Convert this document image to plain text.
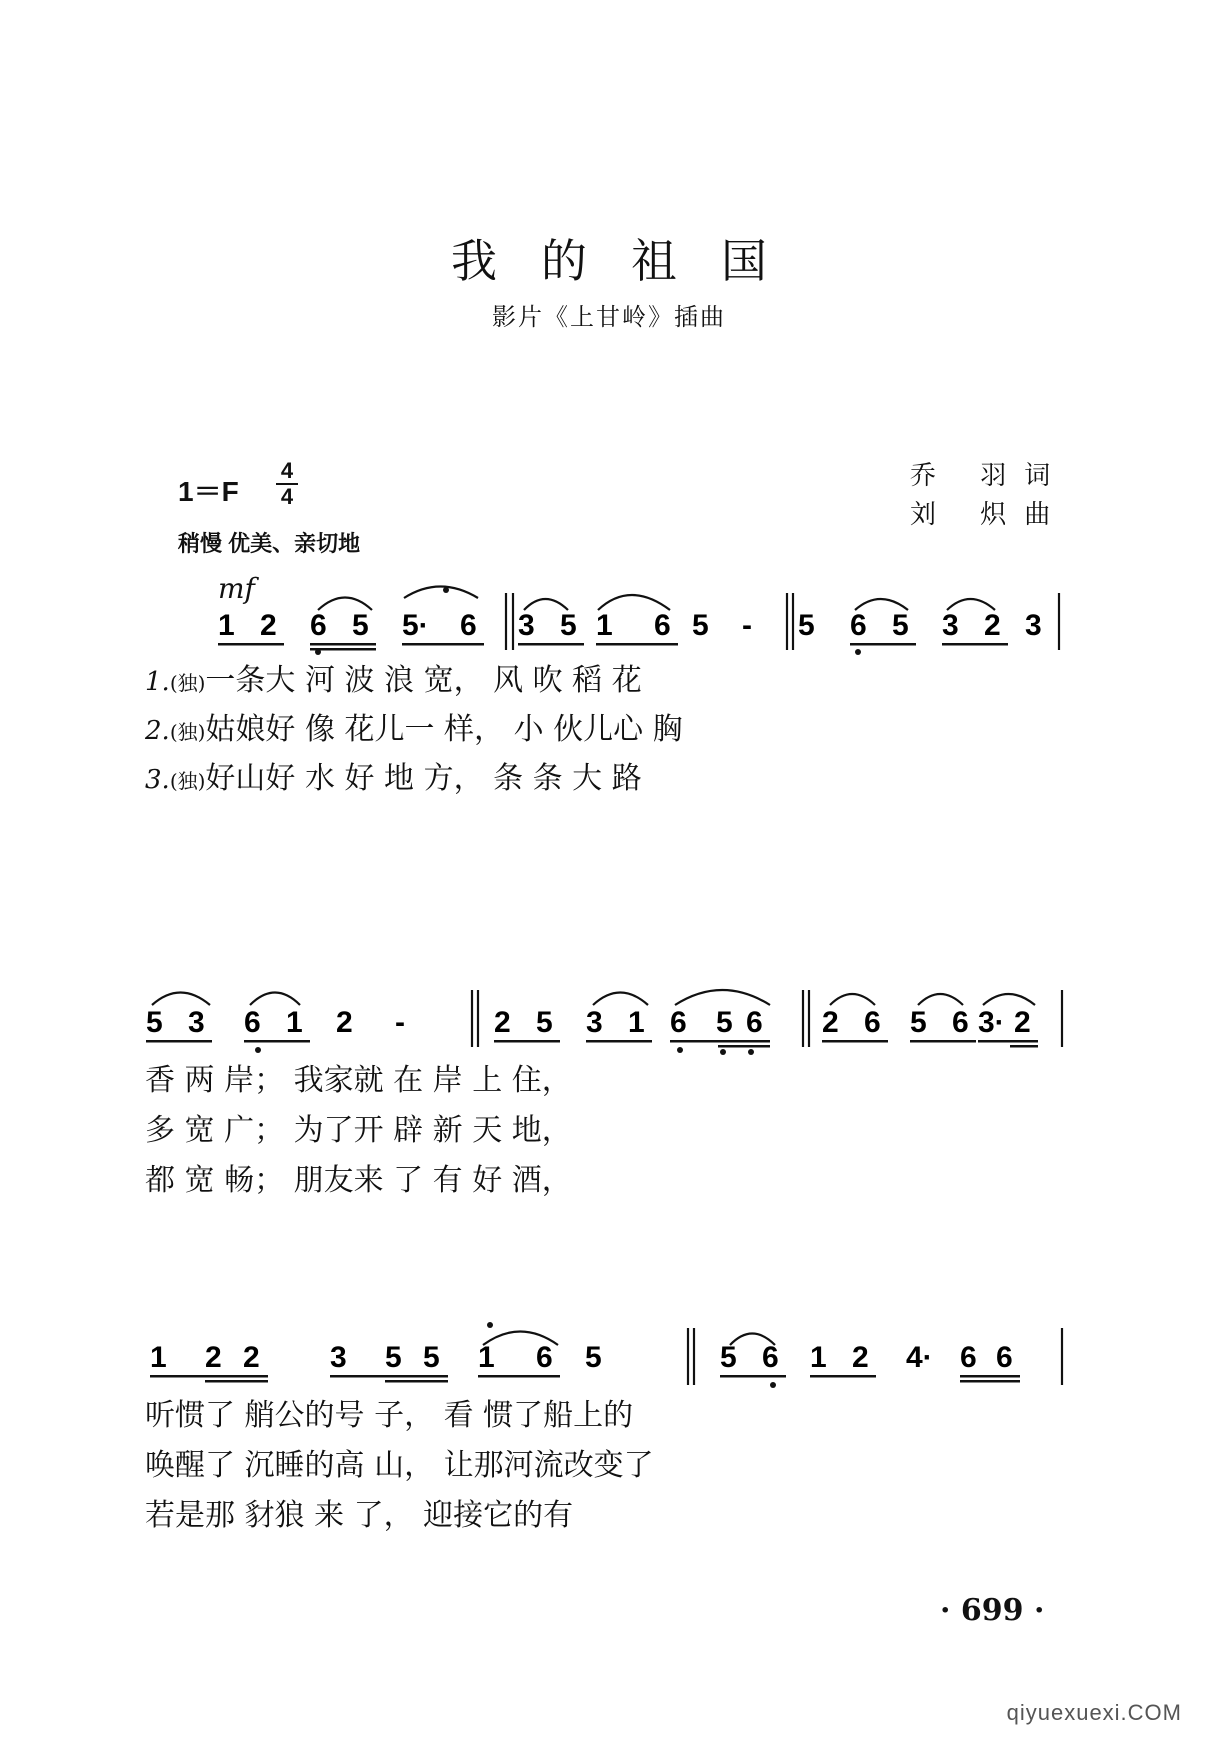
我的祖国
影片《上甘岭》插曲
1＝F
4
4
稍慢 优美、亲切地
乔 羽词
刘 炽曲
mf
1 2 6 5 5· 6 3 5 1 6 5 - 5 6 5 3 2 3
5 3 6 1 2 -	2 5 3 1 6 5 6 2 6 5 6 3· 2
1 2 2 3 5 5 1 6 5	5 6 1 2 4· 6 6
1.(独)一条大 河 波 浪 宽， 风 吹 稻 花
2.(独)姑娘好 像 花儿一 样， 小 伙儿心 胸
3.(独)好山好 水 好 地 方， 条 条 大 路
香 两 岸； 我家就 在 岸 上 住，
多 宽 广； 为了开 辟 新 天 地，
都 宽 畅； 朋友来 了 有 好 酒，
听惯了 艄公的号 子， 看 惯了船上的
唤醒了 沉睡的高 山， 让那河流改变了
若是那 豺狼 来 了， 迎接它的有
1 2 6 5 5· 6 | 3 5 i 6 5 - | 5 6 5 3 2 3
5 3 6 1 2 - | 2 5 3 1 6 5 6 | 2 6 5 6 3· 2
1 2 2 3 5 5 i 6 5 | 5 6 1 2 4· 6 6
· 699 ·
qiyuexuexi.COM
